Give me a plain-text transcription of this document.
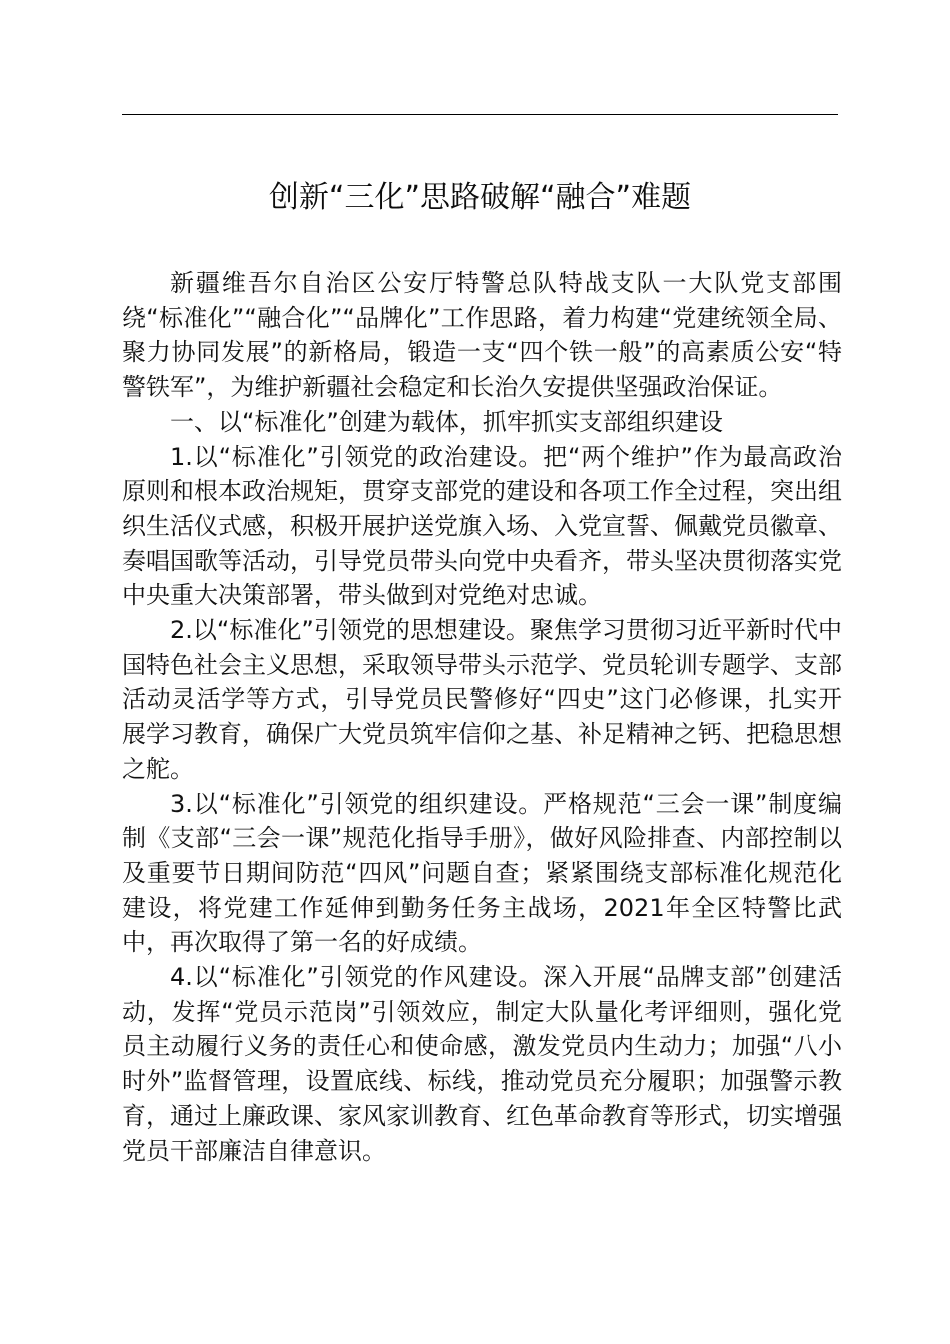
创新“三化”思路破解“融合”难题

新疆维吾尔自治区公安厅特警总队特战支队一大队党支部围绕“标准化”“融合化”“品牌化”工作思路，着力构建“党建统领全局、聚力协同发展”的新格局，锻造一支“四个铁一般”的高素质公安“特警铁军”，为维护新疆社会稳定和长治久安提供坚强政治保证。

一、以“标准化”创建为载体，抓牢抓实支部组织建设

1.以“标准化”引领党的政治建设。把“两个维护”作为最高政治原则和根本政治规矩，贯穿支部党的建设和各项工作全过程，突出组织生活仪式感，积极开展护送党旗入场、入党宣誓、佩戴党员徽章、奏唱国歌等活动，引导党员带头向党中央看齐，带头坚决贯彻落实党中央重大决策部署，带头做到对党绝对忠诚。

2.以“标准化”引领党的思想建设。聚焦学习贯彻习近平新时代中国特色社会主义思想，采取领导带头示范学、党员轮训专题学、支部活动灵活学等方式，引导党员民警修好“四史”这门必修课，扎实开展学习教育，确保广大党员筑牢信仰之基、补足精神之钙、把稳思想之舵。

3.以“标准化”引领党的组织建设。严格规范“三会一课”制度编制《支部“三会一课”规范化指导手册》，做好风险排查、内部控制以及重要节日期间防范“四风”问题自查；紧紧围绕支部标准化规范化建设，将党建工作延伸到勤务任务主战场，2021年全区特警比武中，再次取得了第一名的好成绩。

4.以“标准化”引领党的作风建设。深入开展“品牌支部”创建活动，发挥“党员示范岗”引领效应，制定大队量化考评细则，强化党员主动履行义务的责任心和使命感，激发党员内生动力；加强“八小时外”监督管理，设置底线、标线，推动党员充分履职；加强警示教育，通过上廉政课、家风家训教育、红色革命教育等形式，切实增强党员干部廉洁自律意识。
